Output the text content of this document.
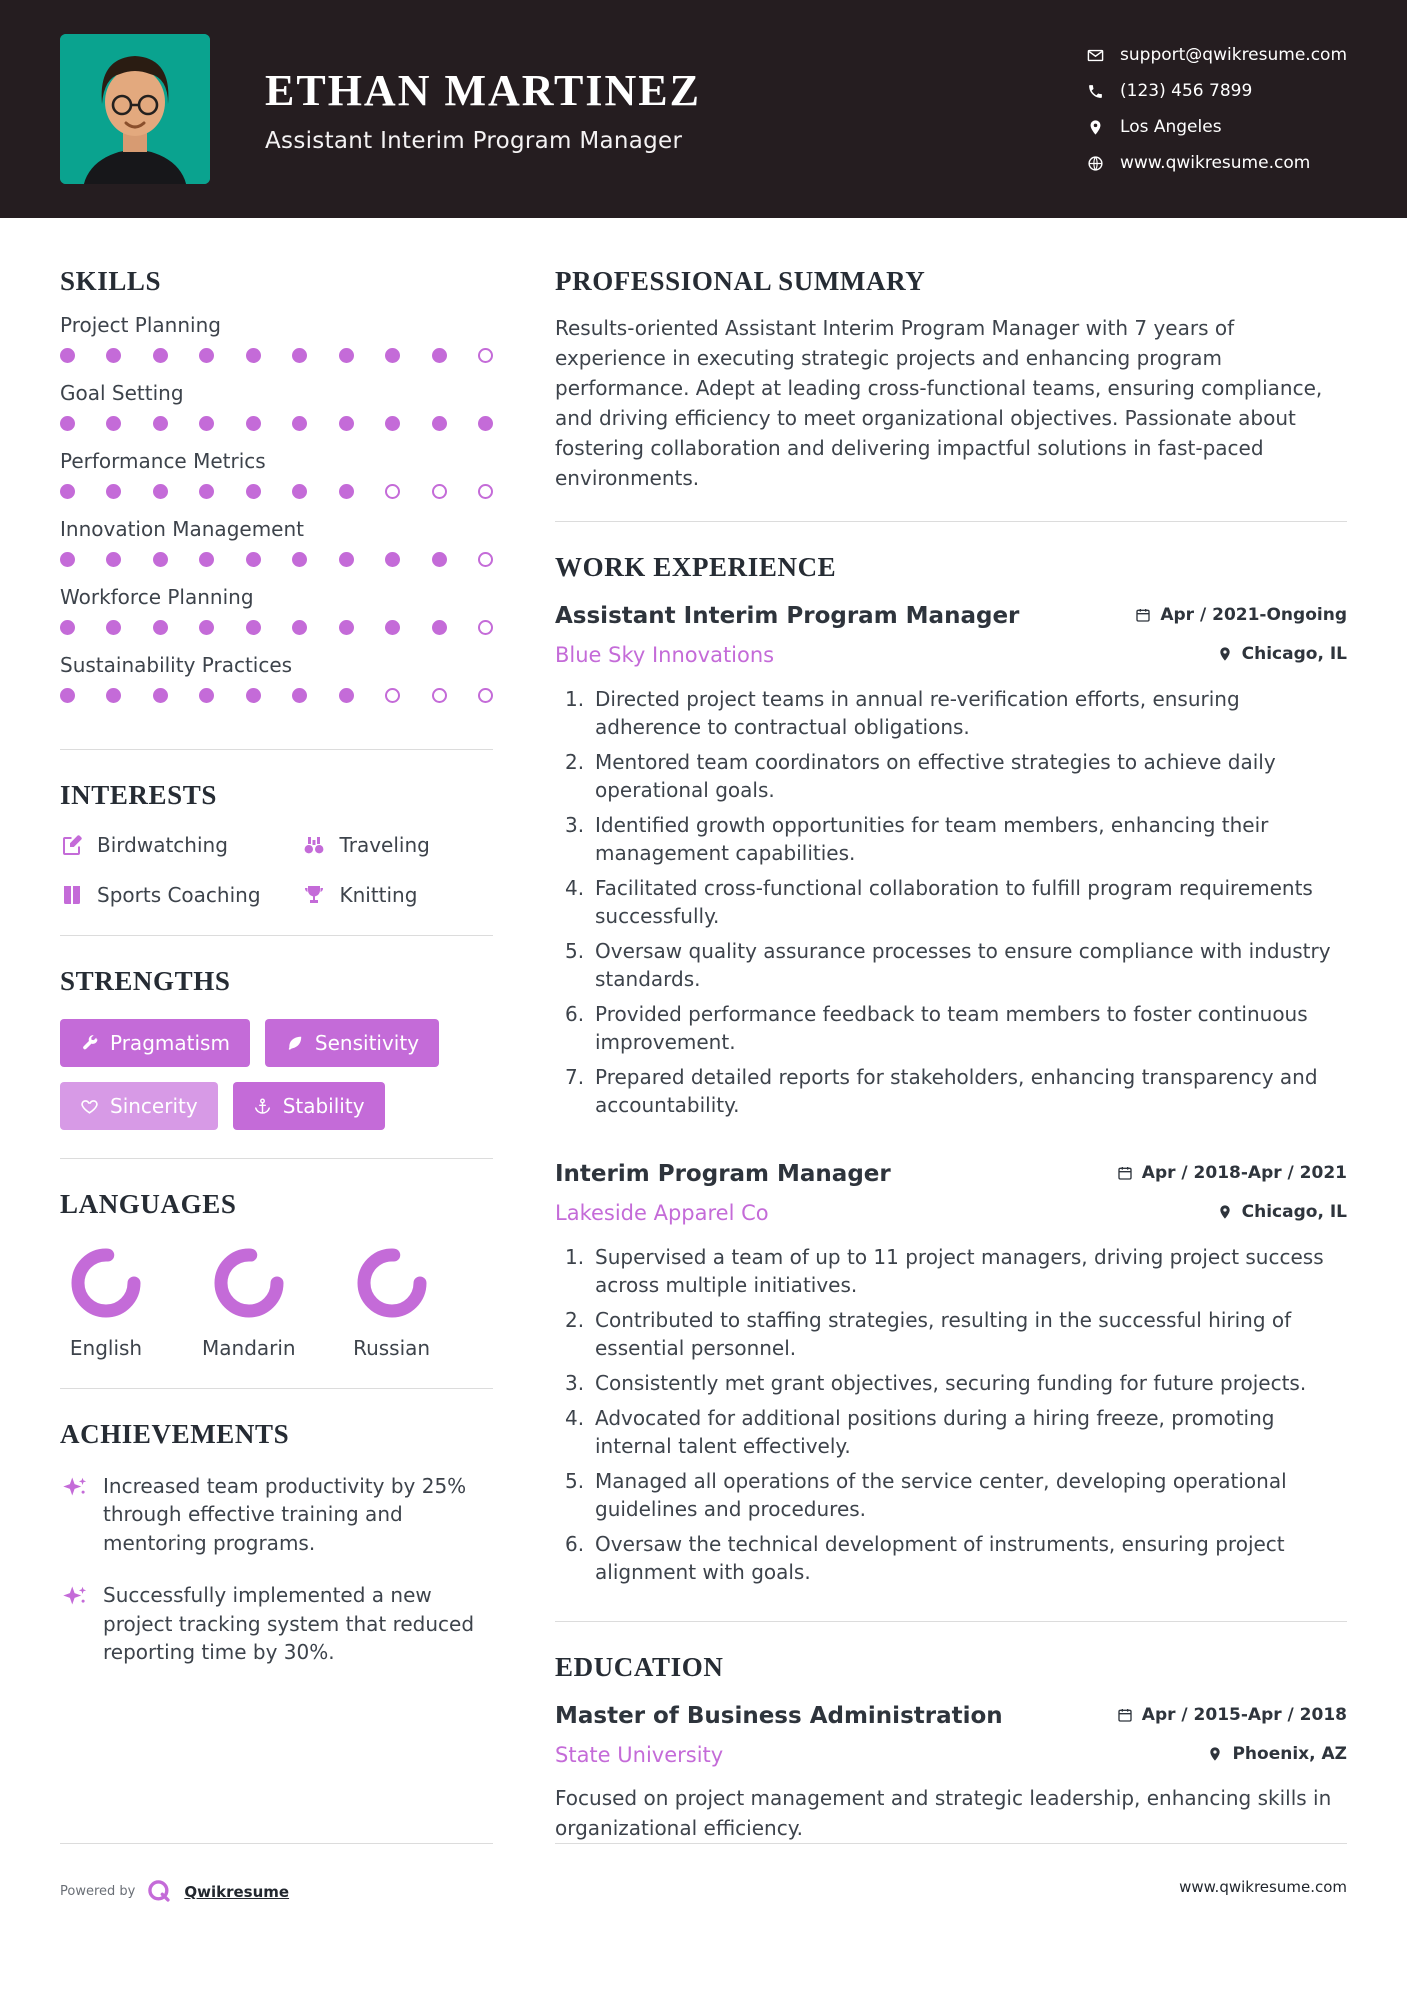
ETHAN MARTINEZ
Assistant Interim Program Manager
support@qwikresume.com
(123) 456 7899
Los Angeles
www.qwikresume.com
SKILLS
Project Planning
Goal Setting
Performance Metrics
Innovation Management
Workforce Planning
Sustainability Practices
INTERESTS
Birdwatching	Traveling
Sports Coaching	Knitting
STRENGTHS
Pragmatism	Sensitivity
Sincerity	Stability
LANGUAGES
English	Mandarin	Russian
ACHIEVEMENTS
Increased team productivity by 25% through effective training and mentoring programs.
Successfully implemented a new project tracking system that reduced reporting time by 30%.
PROFESSIONAL SUMMARY

Results-oriented Assistant Interim Program Manager with 7 years of experience in executing strategic projects and enhancing program performance. Adept at leading cross-functional teams, ensuring compliance, and driving efficiency to meet organizational objectives. Passionate about fostering collaboration and delivering impactful solutions in fast-paced environments.

WORK EXPERIENCE
Assistant Interim Program Manager	Apr / 2021-Ongoing
Blue Sky Innovations	Chicago, IL
1. Directed project teams in annual re-verification efforts, ensuring adherence to contractual obligations.
2. Mentored team coordinators on effective strategies to achieve daily operational goals.
3. Identified growth opportunities for team members, enhancing their management capabilities.
4. Facilitated cross-functional collaboration to fulfill program requirements successfully.
5. Oversaw quality assurance processes to ensure compliance with industry standards.
6. Provided performance feedback to team members to foster continuous improvement.
7. Prepared detailed reports for stakeholders, enhancing transparency and accountability.
Interim Program Manager	Apr / 2018-Apr / 2021
Lakeside Apparel Co	Chicago, IL
1. Supervised a team of up to 11 project managers, driving project success across multiple initiatives.
2. Contributed to staffing strategies, resulting in the successful hiring of essential personnel.
3. Consistently met grant objectives, securing funding for future projects.
4. Advocated for additional positions during a hiring freeze, promoting internal talent effectively.
5. Managed all operations of the service center, developing operational guidelines and procedures.
6. Oversaw the technical development of instruments, ensuring project alignment with goals.
EDUCATION
Master of Business Administration	Apr / 2015-Apr / 2018
State University	Phoenix, AZ

Focused on project management and strategic leadership, enhancing skills in organizational efficiency.

Powered by	Qwikresume	www.qwikresume.com
